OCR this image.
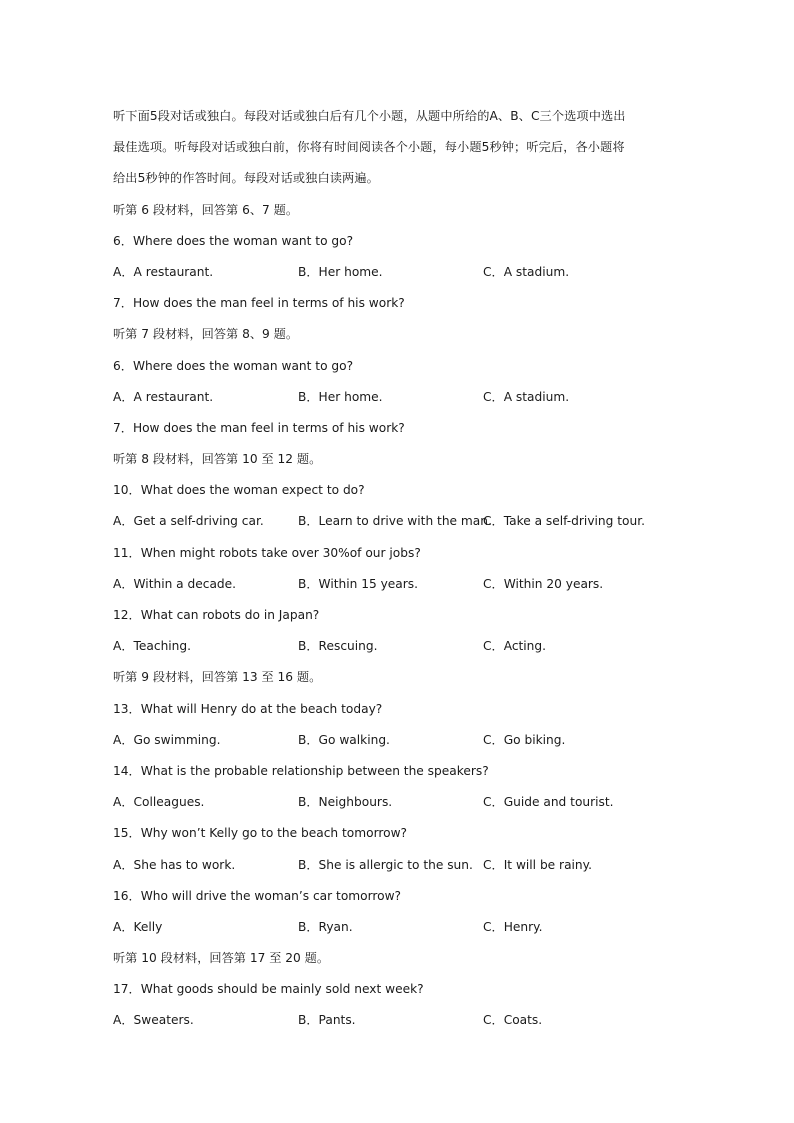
听下面5段对话或独白。每段对话或独白后有几个小题，从题中所给的A、B、C三个选项中选出
最佳选项。听每段对话或独白前，你将有时间阅读各个小题，每小题5秒钟；听完后，各小题将
给出5秒钟的作答时间。每段对话或独白读两遍。
听第 6 段材料，回答第 6、7 题。
6．Where does the woman want to go?
A．A restaurant.	B．Her home.	C．A stadium.
7．How does the man feel in terms of his work?
听第 7 段材料，回答第 8、9 题。
6．Where does the woman want to go?
A．A restaurant.	B．Her home.	C．A stadium.
7．How does the man feel in terms of his work?
听第 8 段材料，回答第 10 至 12 题。
10．What does the woman expect to do?
A．Get a self-driving car.	B．Learn to drive with the man.
C．Take a self-driving tour.
11．When might robots take over 30%of our jobs?
A．Within a decade.	B．Within 15 years.	C．Within 20 years.
12．What can robots do in Japan?
A．Teaching.	B．Rescuing.	C．Acting.
听第 9 段材料，回答第 13 至 16 题。
13．What will Henry do at the beach today?
A．Go swimming.	B．Go walking.	C．Go biking.
14．What is the probable relationship between the speakers?
A．Colleagues.	B．Neighbours.	C．Guide and tourist.
15．Why won’t Kelly go to the beach tomorrow?
A．She has to work.	B．She is allergic to the sun. C．It will be rainy.
16．Who will drive the woman’s car tomorrow?
A．Kelly	B．Ryan.	C．Henry.
听第 10 段材料，回答第 17 至 20 题。
17．What goods should be mainly sold next week?
A．Sweaters.	B．Pants.	C．Coats.
